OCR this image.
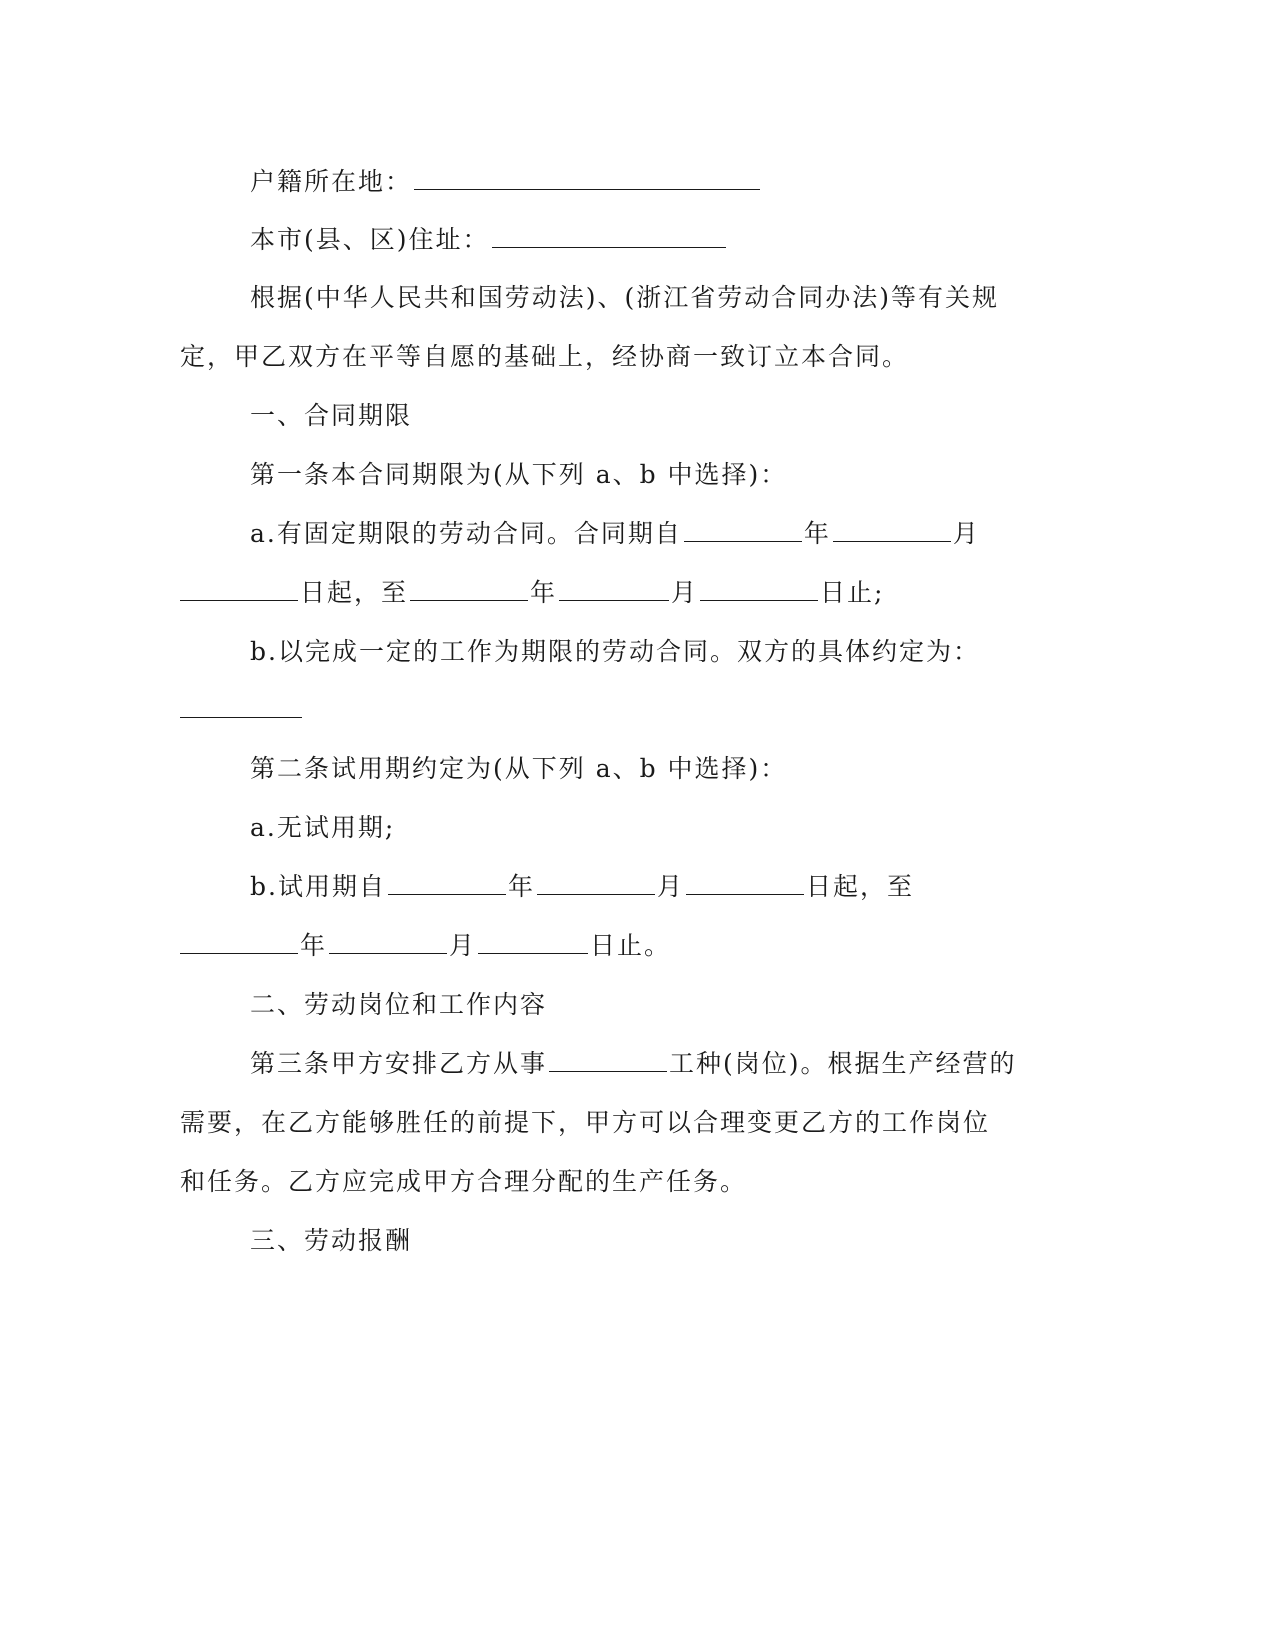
户籍所在地：
本市(县、区)住址：
根据(中华人民共和国劳动法)、(浙江省劳动合同办法)等有关规
定，甲乙双方在平等自愿的基础上，经协商一致订立本合同。
一、合同期限
第一条本合同期限为(从下列 a、b 中选择)：
a.有固定期限的劳动合同。合同期自	年	月
日起，至	年	月	日止;
b.以完成一定的工作为期限的劳动合同。双方的具体约定为：
第二条试用期约定为(从下列 a、b 中选择)：
a.无试用期;
b.试用期自	年	月	日起，至
年	月	日止。
二、劳动岗位和工作内容
第三条甲方安排乙方从事	工种(岗位)。根据生产经营的
需要，在乙方能够胜任的前提下，甲方可以合理变更乙方的工作岗位
和任务。乙方应完成甲方合理分配的生产任务。
三、劳动报酬
